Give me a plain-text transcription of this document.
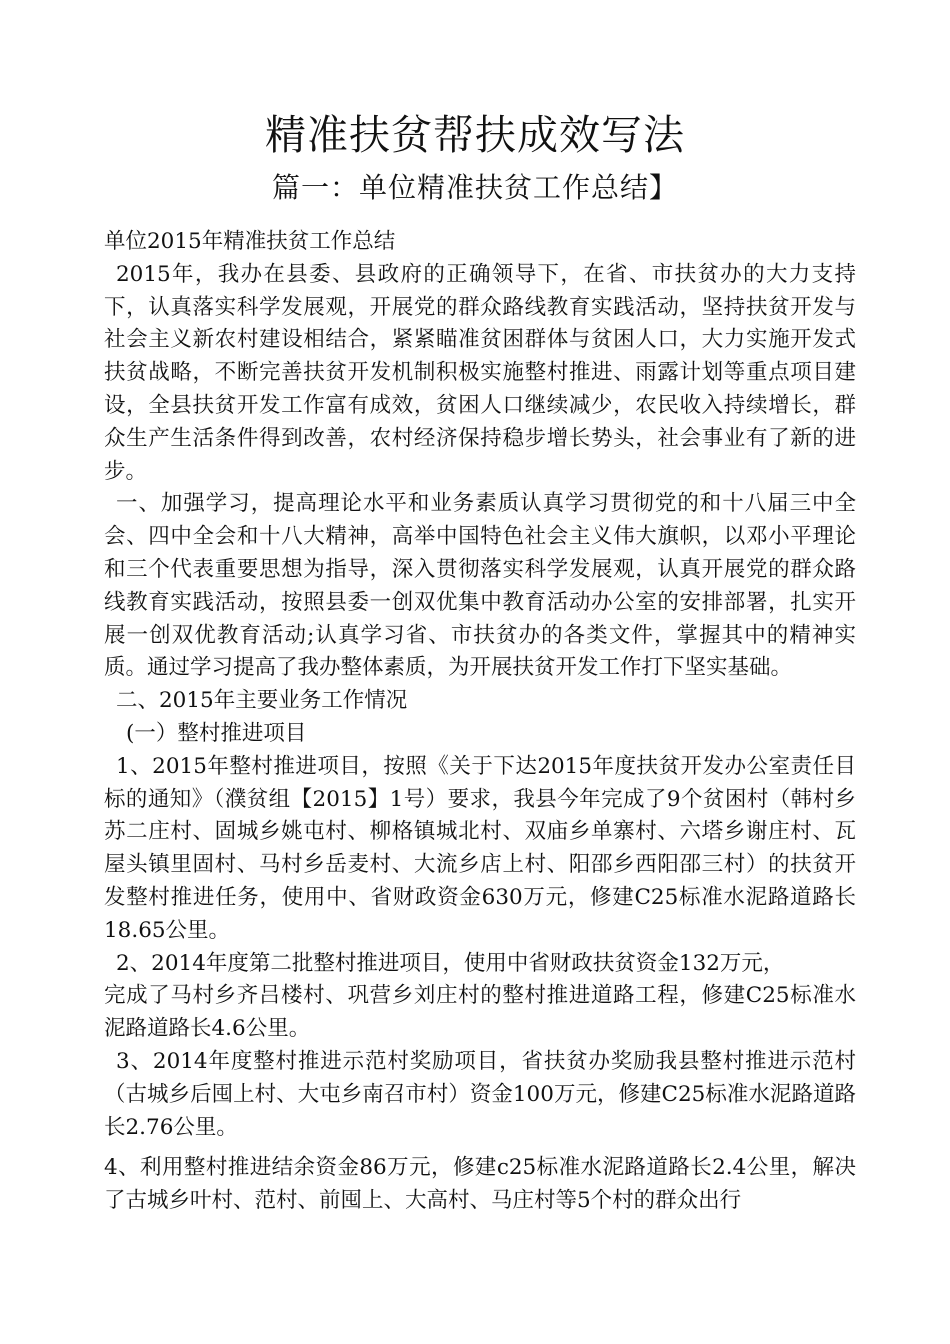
精准扶贫帮扶成效写法
篇一：单位精准扶贫工作总结】

单位2015年精准扶贫工作总结

2015年，我办在县委、县政府的正确领导下，在省、市扶贫办的大力支持下，认真落实科学发展观，开展党的群众路线教育实践活动，坚持扶贫开发与社会主义新农村建设相结合，紧紧瞄准贫困群体与贫困人口，大力实施开发式扶贫战略，不断完善扶贫开发机制积极实施整村推进、雨露计划等重点项目建设，全县扶贫开发工作富有成效，贫困人口继续减少，农民收入持续增长，群众生产生活条件得到改善，农村经济保持稳步增长势头，社会事业有了新的进步。

一、加强学习，提高理论水平和业务素质认真学习贯彻党的和十八届三中全会、四中全会和十八大精神，高举中国特色社会主义伟大旗帜，以邓小平理论和三个代表重要思想为指导，深入贯彻落实科学发展观，认真开展党的群众路线教育实践活动，按照县委一创双优集中教育活动办公室的安排部署，扎实开展一创双优教育活动;认真学习省、市扶贫办的各类文件，掌握其中的精神实质。通过学习提高了我办整体素质，为开展扶贫开发工作打下坚实基础。

二、2015年主要业务工作情况

(一）整村推进项目

1、2015年整村推进项目，按照《关于下达2015年度扶贫开发办公室责任目标的通知》（濮贫组【2015】1号）要求，我县今年完成了9个贫困村（韩村乡苏二庄村、固城乡姚屯村、柳格镇城北村、双庙乡单寨村、六塔乡谢庄村、瓦屋头镇里固村、马村乡岳麦村、大流乡店上村、阳邵乡西阳邵三村）的扶贫开发整村推进任务，使用中、省财政资金630万元，修建C25标准水泥路道路长18.65公里。

2、2014年度第二批整村推进项目，使用中省财政扶贫资金132万元，

完成了马村乡齐吕楼村、巩营乡刘庄村的整村推进道路工程，修建C25标准水泥路道路长4.6公里。

3、2014年度整村推进示范村奖励项目，省扶贫办奖励我县整村推进示范村（古城乡后囤上村、大屯乡南召市村）资金100万元，修建C25标准水泥路道路长2.76公里。

4、利用整村推进结余资金86万元，修建c25标准水泥路道路长2.4公里，解决了古城乡叶村、范村、前囤上、大高村、马庄村等5个村的群众出行
